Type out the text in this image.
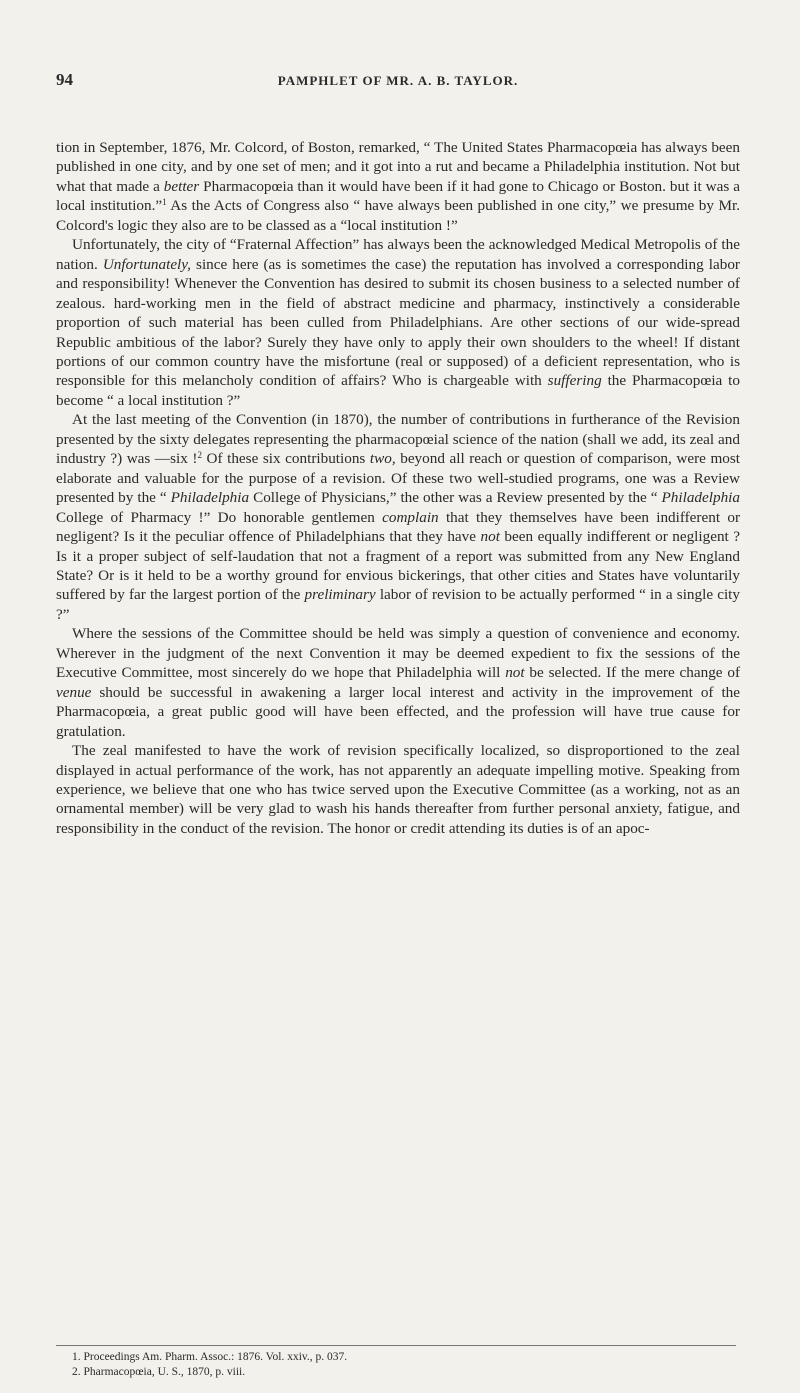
94	PAMPHLET OF MR. A. B. TAYLOR.

tion in September, 1876, Mr. Colcord, of Boston, remarked, “ The United States Pharmacopœia has always been published in one city, and by one set of men; and it got into a rut and became a Philadelphia institution. Not but what that made a better Pharmacopœia than it would have been if it had gone to Chicago or Boston. but it was a local institution.”$^1$ As the Acts of Congress also “ have always been published in one city,” we presume by Mr. Colcord's logic they also are to be classed as a “local institution !”

Unfortunately, the city of “Fraternal Affection” has always been the acknowledged Medical Metropolis of the nation. Unfortunately, since here (as is sometimes the case) the reputation has involved a corresponding labor and responsibility! Whenever the Convention has desired to submit its chosen business to a selected number of zealous. hard-working men in the field of abstract medicine and pharmacy, instinctively a considerable proportion of such material has been culled from Philadelphians. Are other sections of our wide-spread Republic ambitious of the labor? Surely they have only to apply their own shoulders to the wheel! If distant portions of our common country have the misfortune (real or supposed) of a deficient representation, who is responsible for this melancholy condition of affairs? Who is chargeable with suffering the Pharmacopœia to become “ a local institution ?”

At the last meeting of the Convention (in 1870), the number of contributions in furtherance of the Revision presented by the sixty delegates representing the pharmacopœial science of the nation (shall we add, its zeal and industry ?) was —six !$^2$ Of these six contributions two, beyond all reach or question of comparison, were most elaborate and valuable for the purpose of a revision. Of these two well-studied programs, one was a Review presented by the “ Philadelphia College of Physicians,” the other was a Review presented by the “ Philadelphia College of Pharmacy !” Do honorable gentlemen complain that they themselves have been indifferent or negligent? Is it the peculiar offence of Philadelphians that they have not been equally indifferent or negligent ? Is it a proper subject of self-laudation that not a fragment of a report was submitted from any New England State? Or is it held to be a worthy ground for envious bickerings, that other cities and States have voluntarily suffered by far the largest portion of the preliminary labor of revision to be actually performed “ in a single city ?”

Where the sessions of the Committee should be held was simply a question of convenience and economy. Wherever in the judgment of the next Convention it may be deemed expedient to fix the sessions of the Executive Committee, most sincerely do we hope that Philadelphia will not be selected. If the mere change of venue should be successful in awakening a larger local interest and activity in the improvement of the Pharmacopœia, a great public good will have been effected, and the profession will have true cause for gratulation.

The zeal manifested to have the work of revision specifically localized, so disproportioned to the zeal displayed in actual performance of the work, has not apparently an adequate impelling motive. Speaking from experience, we believe that one who has twice served upon the Executive Committee (as a working, not as an ornamental member) will be very glad to wash his hands thereafter from further personal anxiety, fatigue, and responsibility in the conduct of the revision. The honor or credit attending its duties is of an apoc-

1. Proceedings Am. Pharm. Assoc.: 1876. Vol. xxiv., p. 037.
2. Pharmacopœia, U. S., 1870, p. viii.
